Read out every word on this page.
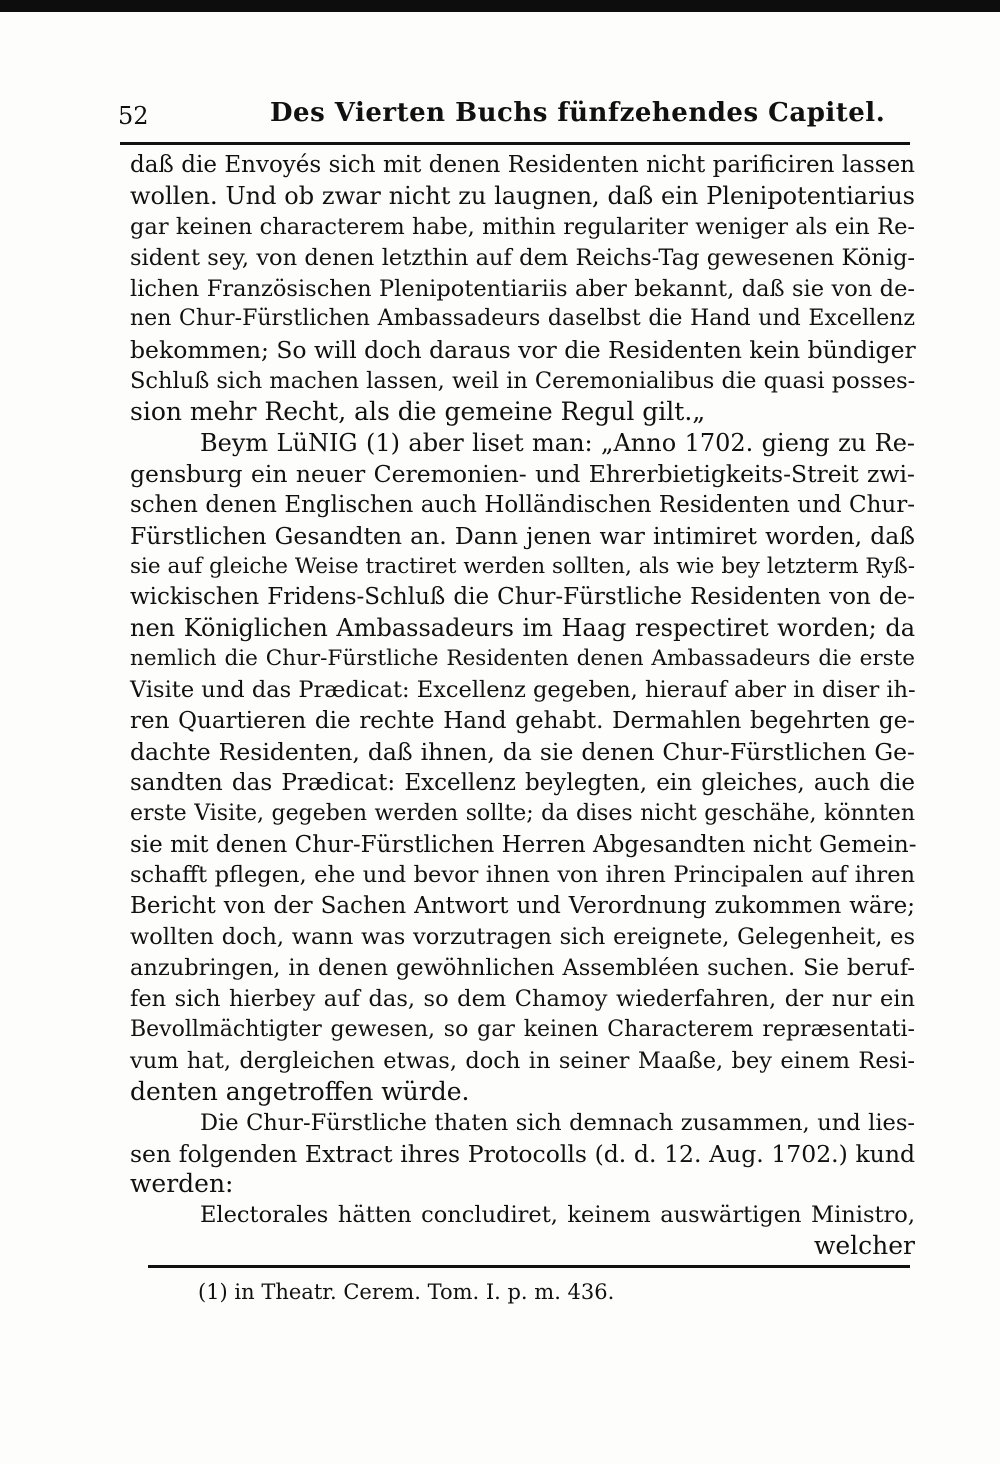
52	Des Vierten Buchs fünfzehendes Capitel.
daß die Envoyés sich mit denen Residenten nicht parificiren lassen
wollen. Und ob zwar nicht zu laugnen, daß ein Plenipotentiarius
gar keinen characterem habe, mithin regulariter weniger als ein Re-
sident sey, von denen letzthin auf dem Reichs-Tag gewesenen König-
lichen Französischen Plenipotentiariis aber bekannt, daß sie von de-
nen Chur-Fürstlichen Ambassadeurs daselbst die Hand und Excellenz
bekommen; So will doch daraus vor die Residenten kein bündiger
Schluß sich machen lassen, weil in Ceremonialibus die quasi posses-
sion mehr Recht, als die gemeine Regul gilt.„
Beym LüNIG (1) aber liset man: „Anno 1702. gieng zu Re-
gensburg ein neuer Ceremonien- und Ehrerbietigkeits-Streit zwi-
schen denen Englischen auch Holländischen Residenten und Chur-
Fürstlichen Gesandten an. Dann jenen war intimiret worden, daß
sie auf gleiche Weise tractiret werden sollten, als wie bey letzterm Ryß-
wickischen Fridens-Schluß die Chur-Fürstliche Residenten von de-
nen Königlichen Ambassadeurs im Haag respectiret worden; da
nemlich die Chur-Fürstliche Residenten denen Ambassadeurs die erste
Visite und das Prædicat: Excellenz gegeben, hierauf aber in diser ih-
ren Quartieren die rechte Hand gehabt. Dermahlen begehrten ge-
dachte Residenten, daß ihnen, da sie denen Chur-Fürstlichen Ge-
sandten das Prædicat: Excellenz beylegten, ein gleiches, auch die
erste Visite, gegeben werden sollte; da dises nicht geschähe, könnten
sie mit denen Chur-Fürstlichen Herren Abgesandten nicht Gemein-
schafft pflegen, ehe und bevor ihnen von ihren Principalen auf ihren
Bericht von der Sachen Antwort und Verordnung zukommen wäre;
wollten doch, wann was vorzutragen sich ereignete, Gelegenheit, es
anzubringen, in denen gewöhnlichen Assembléen suchen. Sie beruf-
fen sich hierbey auf das, so dem Chamoy wiederfahren, der nur ein
Bevollmächtigter gewesen, so gar keinen Characterem repræsentati-
vum hat, dergleichen etwas, doch in seiner Maaße, bey einem Resi-
denten angetroffen würde.
Die Chur-Fürstliche thaten sich demnach zusammen, und lies-
sen folgenden Extract ihres Protocolls (d. d. 12. Aug. 1702.) kund
werden:
Electorales hätten concludiret, keinem auswärtigen Ministro,
welcher
(1) in Theatr. Cerem. Tom. I. p. m. 436.
